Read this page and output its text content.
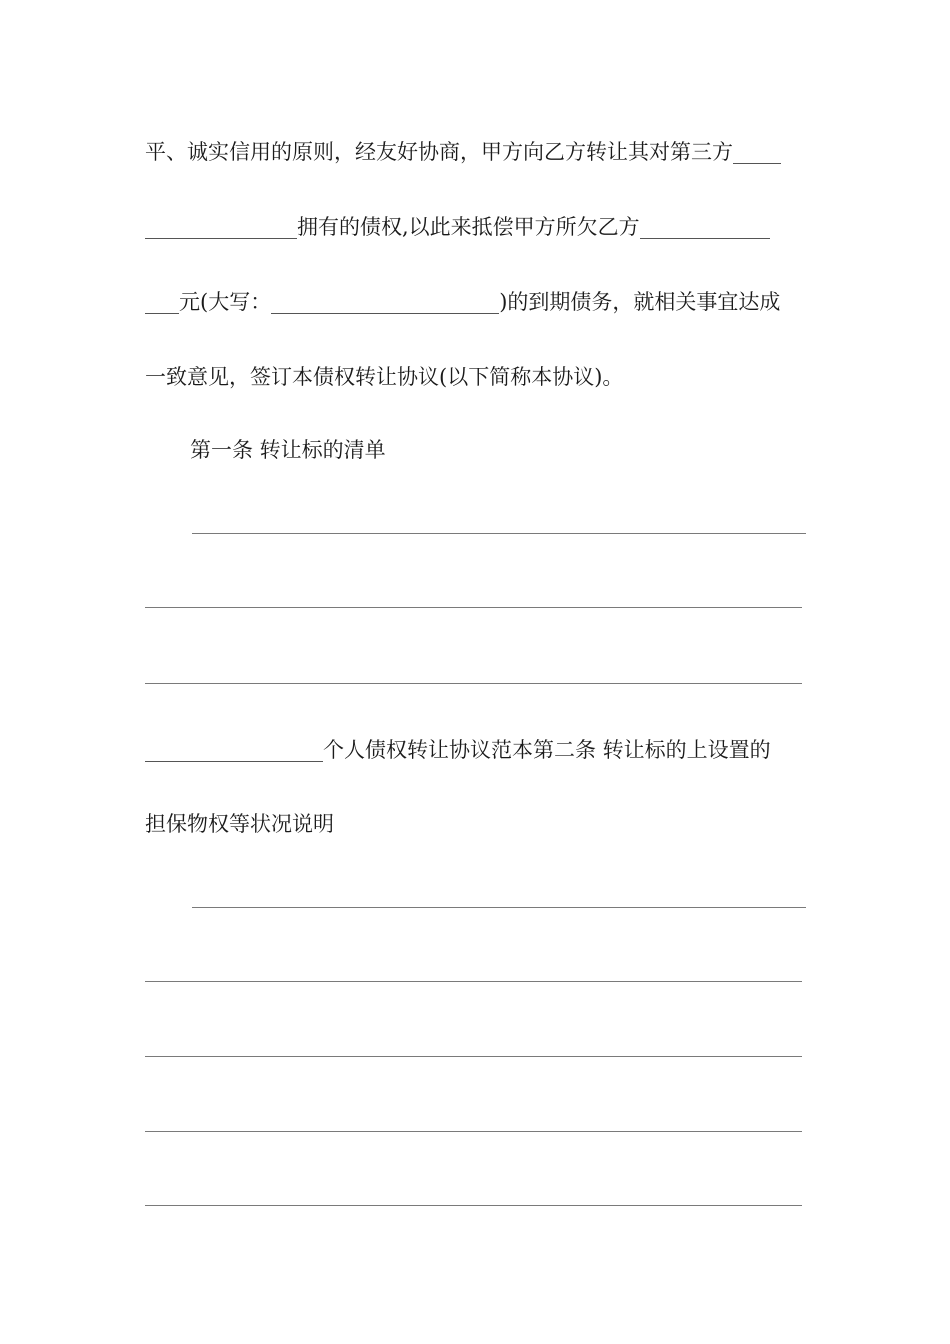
平、诚实信用的原则，经友好协商，甲方向乙方转让其对第三方
拥有的债权,以此来抵偿甲方所欠乙方
元(大写：	)的到期债务，就相关事宜达成
一致意见，签订本债权转让协议(以下简称本协议)。
第一条 转让标的清单
个人债权转让协议范本第二条 转让标的上设置的
担保物权等状况说明
